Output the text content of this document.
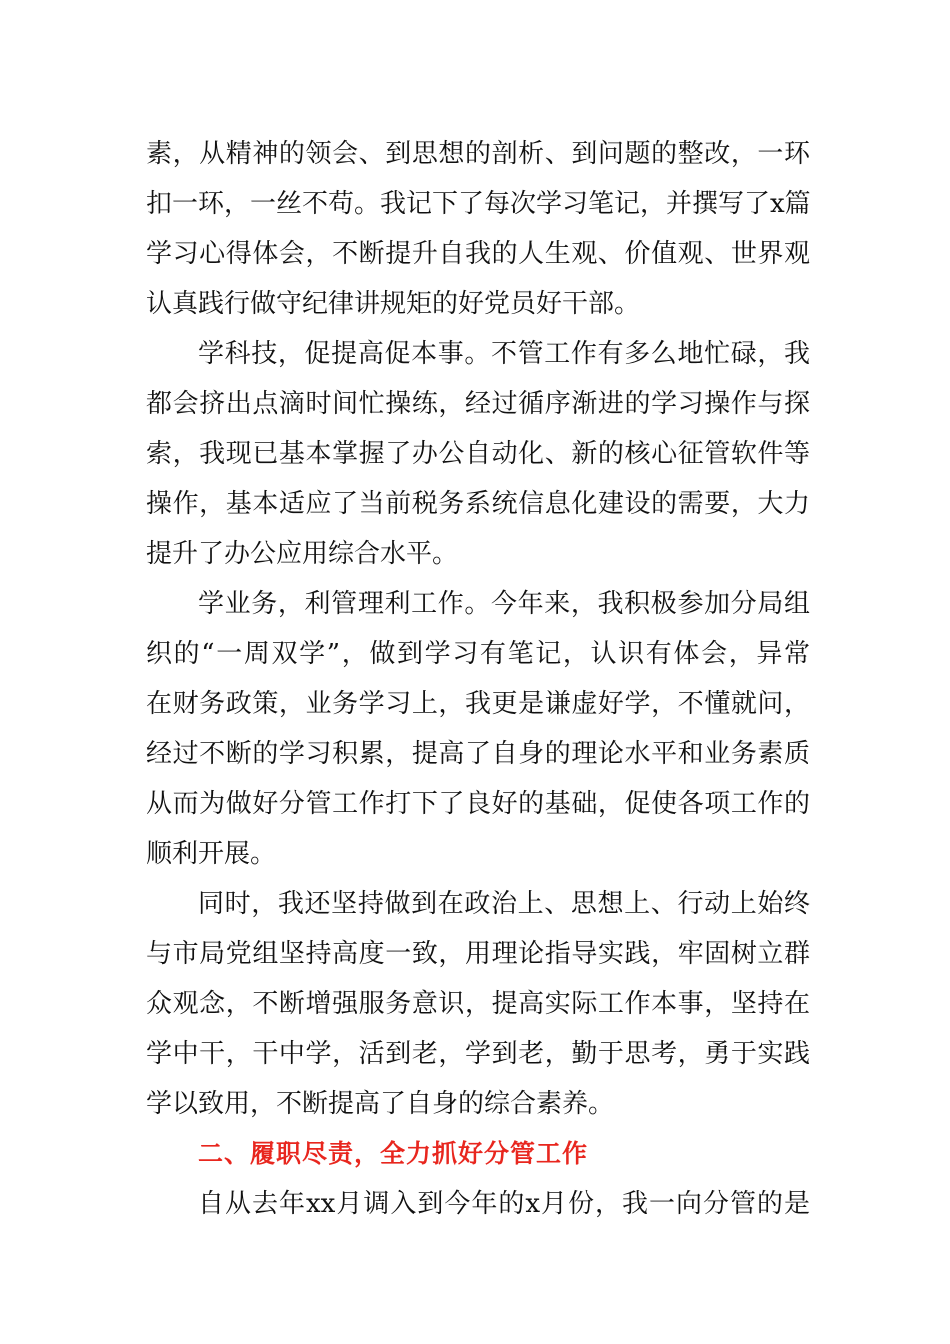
素，从精神的领会、到思想的剖析、到问题的整改，一环
扣一环，一丝不苟。我记下了每次学习笔记，并撰写了x篇
学习心得体会，不断提升自我的人生观、价值观、世界观
认真践行做守纪律讲规矩的好党员好干部。
学科技，促提高促本事。不管工作有多么地忙碌，我
都会挤出点滴时间忙操练，经过循序渐进的学习操作与探
索，我现已基本掌握了办公自动化、新的核心征管软件等
操作，基本适应了当前税务系统信息化建设的需要，大力
提升了办公应用综合水平。
学业务，利管理利工作。今年来，我积极参加分局组
织的“一周双学”，做到学习有笔记，认识有体会，异常
在财务政策，业务学习上，我更是谦虚好学，不懂就问，
经过不断的学习积累，提高了自身的理论水平和业务素质
从而为做好分管工作打下了良好的基础，促使各项工作的
顺利开展。
同时，我还坚持做到在政治上、思想上、行动上始终
与市局党组坚持高度一致，用理论指导实践，牢固树立群
众观念，不断增强服务意识，提高实际工作本事，坚持在
学中干，干中学，活到老，学到老，勤于思考，勇于实践
学以致用，不断提高了自身的综合素养。
二、履职尽责，全力抓好分管工作
自从去年xx月调入到今年的x月份，我一向分管的是
